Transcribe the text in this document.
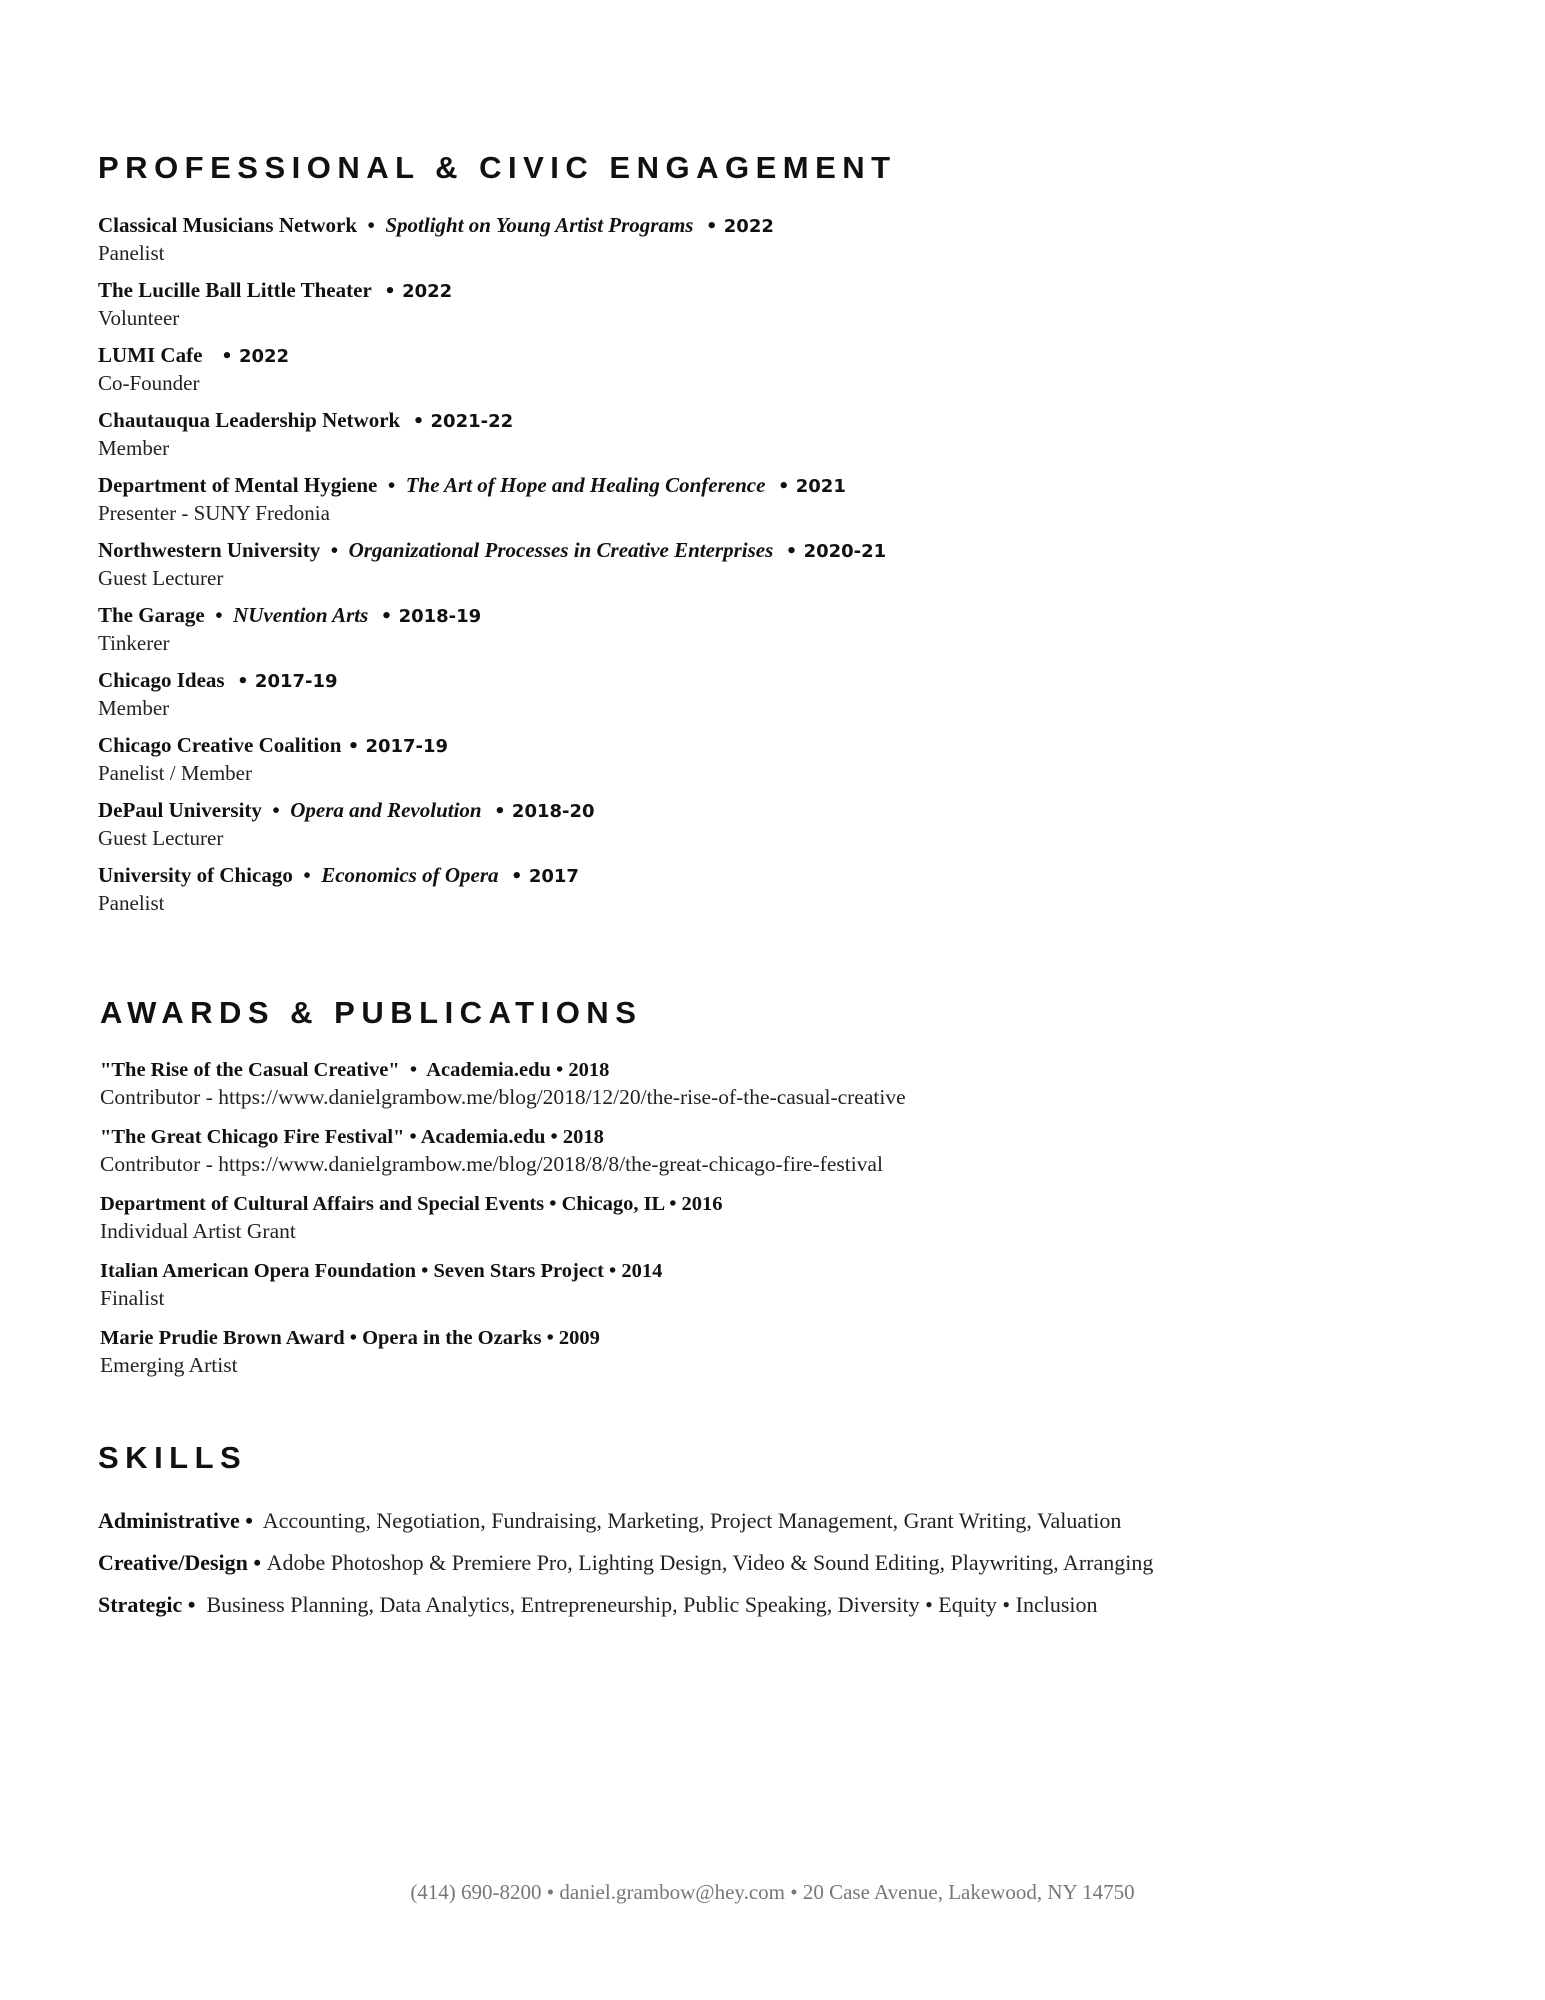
PROFESSIONAL & CIVIC ENGAGEMENT
Classical Musicians Network  •  Spotlight on Young Artist Programs  • 2022
Panelist
The Lucille Ball Little Theater  • 2022
Volunteer
LUMI Cafe   • 2022
Co-Founder
Chautauqua Leadership Network  • 2021-22
Member
Department of Mental Hygiene  •  The Art of Hope and Healing Conference  • 2021
Presenter - SUNY Fredonia
Northwestern University  •  Organizational Processes in Creative Enterprises  • 2020-21
Guest Lecturer
The Garage  •  NUvention Arts  • 2018-19
Tinkerer
Chicago Ideas  • 2017-19
Member
Chicago Creative Coalition • 2017-19
Panelist / Member
DePaul University  •  Opera and Revolution  • 2018-20
Guest Lecturer
University of Chicago  •  Economics of Opera  • 2017
Panelist
AWARDS & PUBLICATIONS
"The Rise of the Casual Creative"  •  Academia.edu • 2018
Contributor - https://www.danielgrambow.me/blog/2018/12/20/the-rise-of-the-casual-creative
"The Great Chicago Fire Festival" • Academia.edu • 2018
Contributor - https://www.danielgrambow.me/blog/2018/8/8/the-great-chicago-fire-festival
Department of Cultural Affairs and Special Events • Chicago, IL • 2016
Individual Artist Grant
Italian American Opera Foundation • Seven Stars Project • 2014
Finalist
Marie Prudie Brown Award • Opera in the Ozarks • 2009
Emerging Artist
SKILLS
Administrative •  Accounting, Negotiation, Fundraising, Marketing, Project Management, Grant Writing, Valuation
Creative/Design • Adobe Photoshop & Premiere Pro, Lighting Design, Video & Sound Editing, Playwriting, Arranging
Strategic •  Business Planning, Data Analytics, Entrepreneurship, Public Speaking, Diversity • Equity • Inclusion
(414) 690-8200 • daniel.grambow@hey.com • 20 Case Avenue, Lakewood, NY 14750
